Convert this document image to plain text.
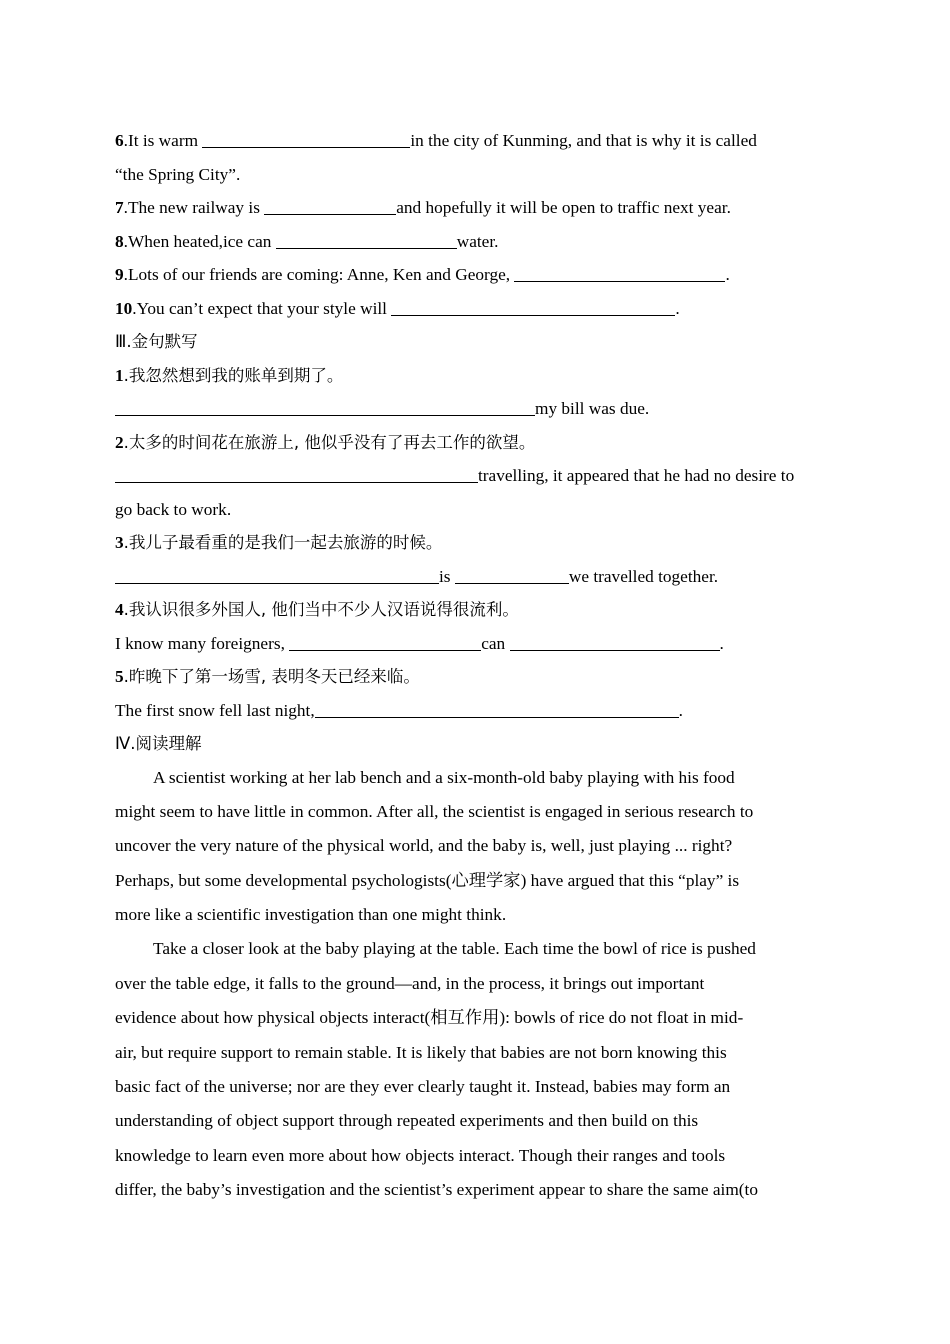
6.It is warm	in the city of Kunming, and that is why it is called
“the Spring City”.
7.The new railway is	and hopefully it will be open to traffic next year.
8.When heated,ice can	water.
9.Lots of our friends are coming: Anne, Ken and George,	.
10.You can’t expect that your style will	.
Ⅲ.金句默写
1.我忽然想到我的账单到期了。
my bill was due.
2.太多的时间花在旅游上, 他似乎没有了再去工作的欲望。
travelling, it appeared that he had no desire to
go back to work.
3.我儿子最看重的是我们一起去旅游的时候。
is	we travelled together.
4.我认识很多外国人, 他们当中不少人汉语说得很流利。
I know many foreigners,	can	.
5.昨晚下了第一场雪, 表明冬天已经来临。
The first snow fell last night,	.
Ⅳ.阅读理解
A scientist working at her lab bench and a six-month-old baby playing with his food
might seem to have little in common. After all, the scientist is engaged in serious research to
uncover the very nature of the physical world, and the baby is, well, just playing ... right?
Perhaps, but some developmental psychologists(心理学家) have argued that this “play” is
more like a scientific investigation than one might think.
Take a closer look at the baby playing at the table. Each time the bowl of rice is pushed
over the table edge, it falls to the ground—and, in the process, it brings out important
evidence about how physical objects interact(相互作用): bowls of rice do not float in mid-
air, but require support to remain stable. It is likely that babies are not born knowing this
basic fact of the universe; nor are they ever clearly taught it. Instead, babies may form an
understanding of object support through repeated experiments and then build on this
knowledge to learn even more about how objects interact. Though their ranges and tools
differ, the baby’s investigation and the scientist’s experiment appear to share the same aim(to
